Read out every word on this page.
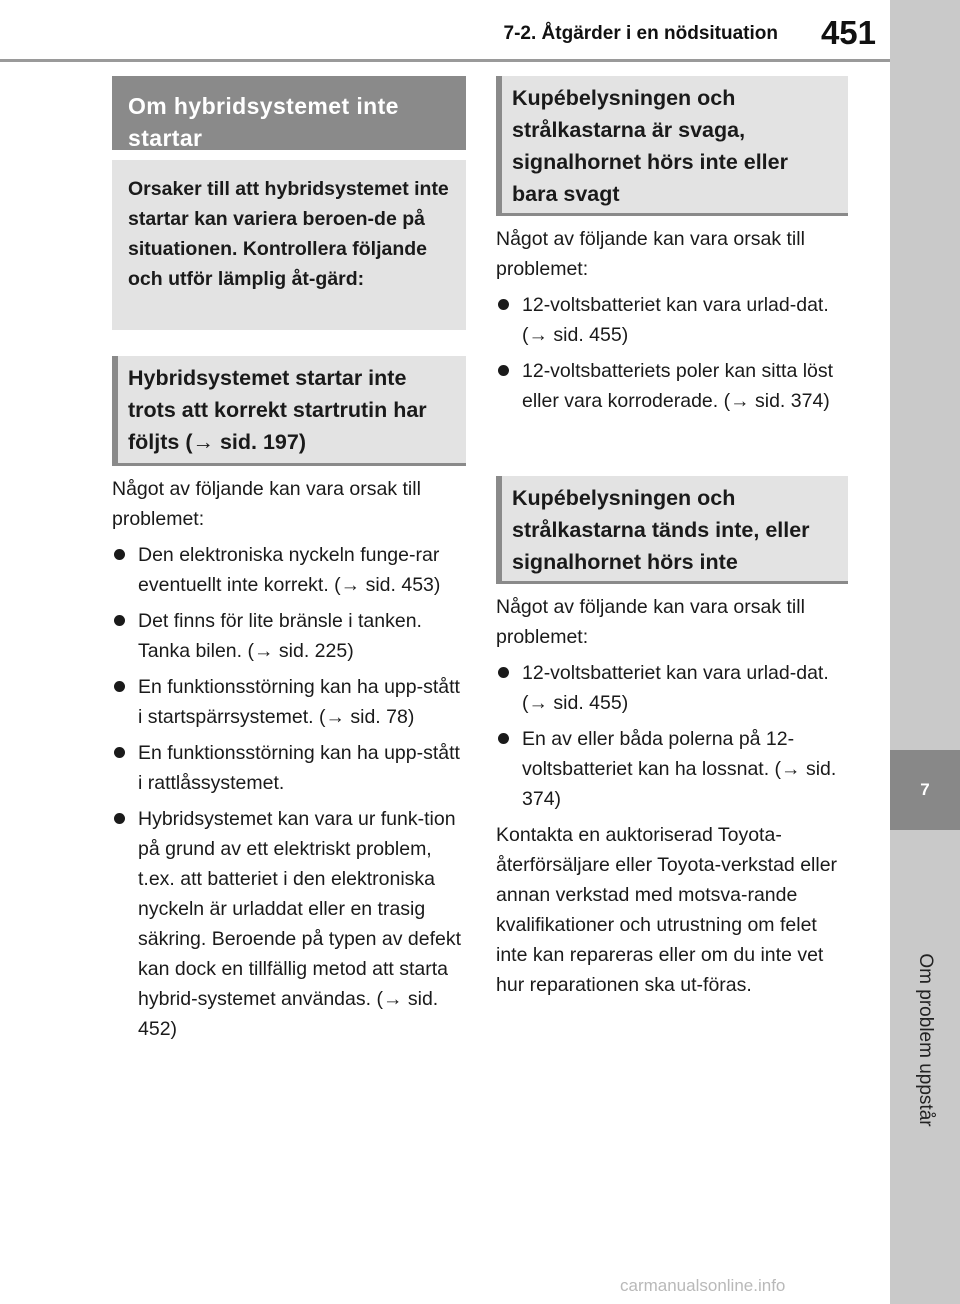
7-2. Åtgärder i en nödsituation 451
7
Om problem uppstår
Om hybridsystemet inte startar
Orsaker till att hybridsystemet inte startar kan variera beroen-de på situationen. Kontrollera följande och utför lämplig åt-gärd:
Hybridsystemet startar inte trots att korrekt startrutin har följts (→ sid. 197)
Något av följande kan vara orsak till problemet:
Den elektroniska nyckeln funge-rar eventuellt inte korrekt. (→ sid. 453)
Det finns för lite bränsle i tanken. Tanka bilen. (→ sid. 225)
En funktionsstörning kan ha upp-stått i startspärrsystemet. (→ sid. 78)
En funktionsstörning kan ha upp-stått i rattlåssystemet.
Hybridsystemet kan vara ur funk-tion på grund av ett elektriskt problem, t.ex. att batteriet i den elektroniska nyckeln är urladdat eller en trasig säkring. Beroende på typen av defekt kan dock en tillfällig metod att starta hybrid-systemet användas. (→ sid. 452)
Kupébelysningen och strålkastarna är svaga, signalhornet hörs inte eller bara svagt
Något av följande kan vara orsak till problemet:
12-voltsbatteriet kan vara urlad-dat. (→ sid. 455)
12-voltsbatteriets poler kan sitta löst eller vara korroderade. (→ sid. 374)
Kupébelysningen och strålkastarna tänds inte, eller signalhornet hörs inte
Något av följande kan vara orsak till problemet:
12-voltsbatteriet kan vara urlad-dat. (→ sid. 455)
En av eller båda polerna på 12-voltsbatteriet kan ha lossnat. (→ sid. 374)
Kontakta en auktoriserad Toyota-återförsäljare eller Toyota-verkstad eller annan verkstad med motsva-rande kvalifikationer och utrustning om felet inte kan repareras eller om du inte vet hur reparationen ska ut-föras.
carmanualsonline.info
